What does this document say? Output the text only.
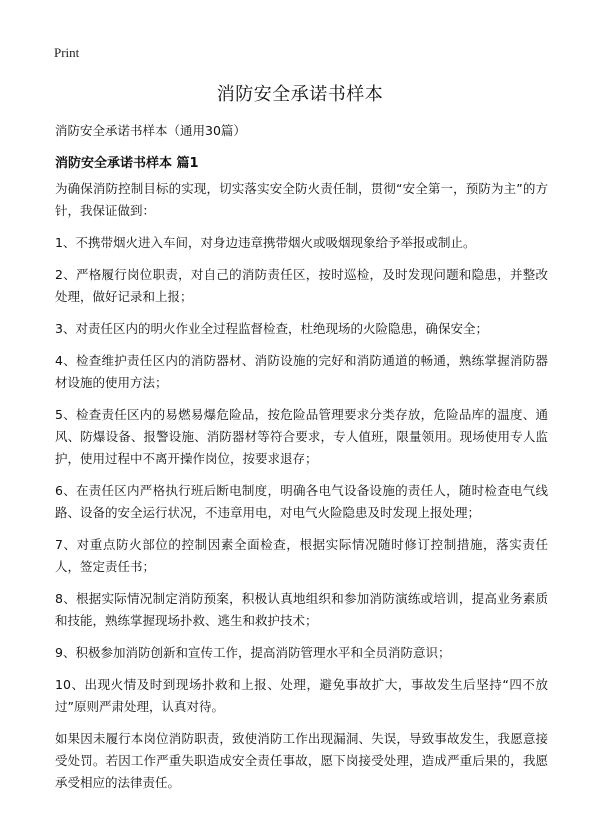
Print
消防安全承诺书样本

消防安全承诺书样本（通用30篇）

消防安全承诺书样本 篇1

为确保消防控制目标的实现，切实落实安全防火责任制，贯彻“安全第一，预防为主”的方针，我保证做到：

1、不携带烟火进入车间，对身边违章携带烟火或吸烟现象给予举报或制止。

2、严格履行岗位职责，对自己的消防责任区，按时巡检，及时发现问题和隐患，并整改处理，做好记录和上报；

3、对责任区内的明火作业全过程监督检查，杜绝现场的火险隐患，确保安全；

4、检查维护责任区内的消防器材、消防设施的完好和消防通道的畅通，熟练掌握消防器材设施的使用方法；

5、检查责任区内的易燃易爆危险品，按危险品管理要求分类存放，危险品库的温度、通风、防爆设备、报警设施、消防器材等符合要求，专人值班，限量领用。现场使用专人监护，使用过程中不离开操作岗位，按要求退存；

6、在责任区内严格执行班后断电制度，明确各电气设备设施的责任人，随时检查电气线路、设备的安全运行状况，不违章用电，对电气火险隐患及时发现上报处理；

7、对重点防火部位的控制因素全面检查，根据实际情况随时修订控制措施，落实责任人，签定责任书；

8、根据实际情况制定消防预案，积极认真地组织和参加消防演练或培训，提高业务素质和技能，熟练掌握现场扑救、逃生和救护技术；

9、积极参加消防创新和宣传工作，提高消防管理水平和全员消防意识；

10、出现火情及时到现场扑救和上报、处理，避免事故扩大，事故发生后坚持“四不放过”原则严肃处理，认真对待。

如果因未履行本岗位消防职责，致使消防工作出现漏洞、失误，导致事故发生，我愿意接受处罚。若因工作严重失职造成安全责任事故，愿下岗接受处理，造成严重后果的，我愿承受相应的法律责任。
